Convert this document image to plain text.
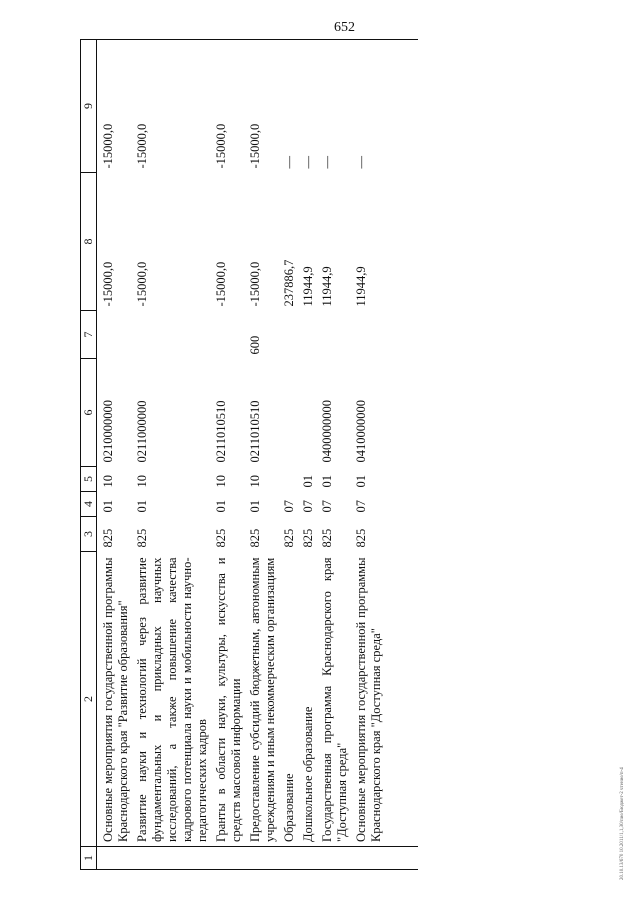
652
20.10.13/670 10.2011/1,1,30/пие/Бюджет-2 чтение/п-4
1	2	3	4	5	6	7	8	9
	Основные мероприятия государственной программы Краснодарского края "Развитие образования"	825	01	10	0210000000		-15000,0	-15000,0
	Развитие науки и технологий через развитие фундаментальных и прикладных научных исследований, а также повышение качества кадрового потенциала науки и мобильности научно-педагогических кадров	825	01	10	0211000000		-15000,0	-15000,0
	Гранты в области науки, культуры, искусства и средств массовой информации	825	01	10	0211010510		-15000,0	-15000,0
	Предоставление субсидий бюджетным, автономным учреждениям и иным некоммерческим организациям	825	01	10	0211010510	600	-15000,0	-15000,0
	Образование	825	07				237886,7	—
	Дошкольное образование	825	07	01			11944,9	—
	Государственная программа Краснодарского края "Доступная среда"	825	07	01	0400000000		11944,9	—
	Основные мероприятия государственной программы Краснодарского края "Доступная среда"	825	07	01	0410000000		11944,9	—
